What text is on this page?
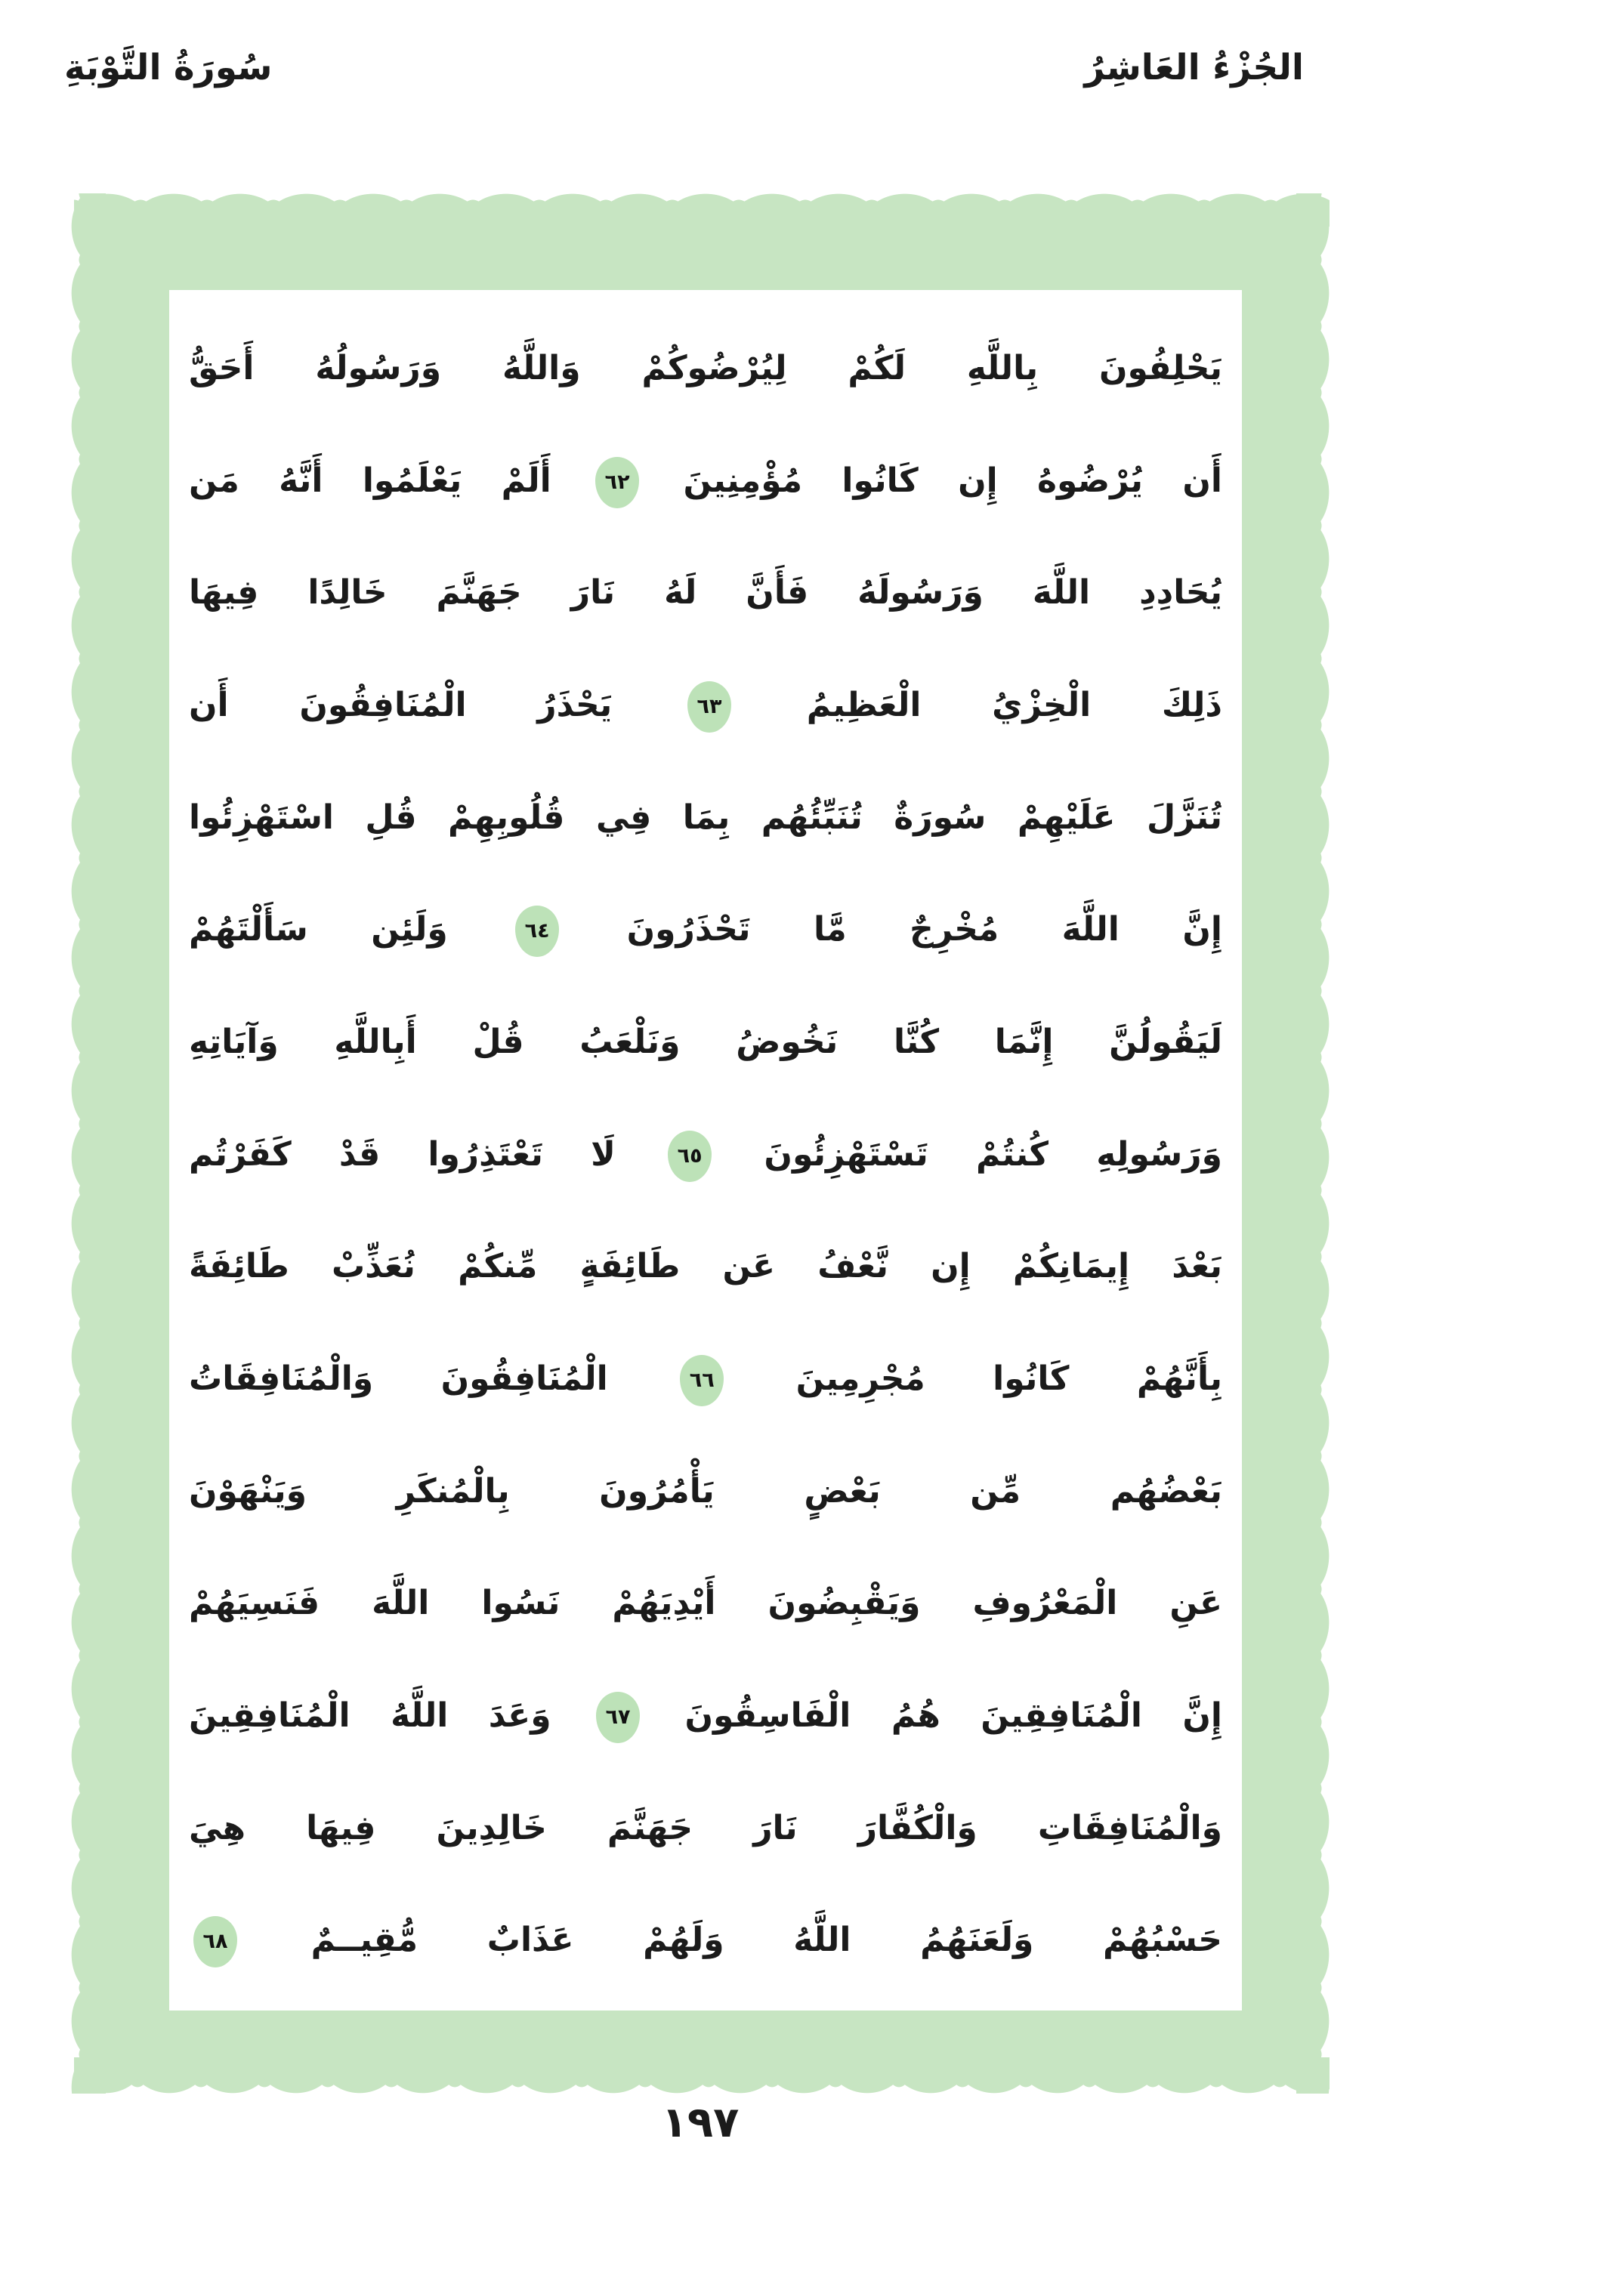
سُورَةُ التَّوْبَةِ	الجُزْءُ العَاشِرُ
يَحْلِفُونَ بِاللَّهِ لَكُمْ لِيُرْضُوكُمْ وَاللَّهُ وَرَسُولُهُ أَحَقُّ
أَن يُرْضُوهُ إِن كَانُوا مُؤْمِنِينَ ٦٢ أَلَمْ يَعْلَمُوا أَنَّهُ مَن
يُحَادِدِ اللَّهَ وَرَسُولَهُ فَأَنَّ لَهُ نَارَ جَهَنَّمَ خَالِدًا فِيهَا
ذَلِكَ الْخِزْيُ الْعَظِيمُ ٦٣ يَحْذَرُ الْمُنَافِقُونَ أَن
تُنَزَّلَ عَلَيْهِمْ سُورَةٌ تُنَبِّئُهُم بِمَا فِي قُلُوبِهِمْ قُلِ اسْتَهْزِئُوا
إِنَّ اللَّهَ مُخْرِجٌ مَّا تَحْذَرُونَ ٦٤ وَلَئِن سَأَلْتَهُمْ
لَيَقُولُنَّ إِنَّمَا كُنَّا نَخُوضُ وَنَلْعَبُ قُلْ أَبِاللَّهِ وَآيَاتِهِ
وَرَسُولِهِ كُنتُمْ تَسْتَهْزِئُونَ ٦٥ لَا تَعْتَذِرُوا قَدْ كَفَرْتُم
بَعْدَ إِيمَانِكُمْ إِن نَّعْفُ عَن طَائِفَةٍ مِّنكُمْ نُعَذِّبْ طَائِفَةً
بِأَنَّهُمْ كَانُوا مُجْرِمِينَ ٦٦ الْمُنَافِقُونَ وَالْمُنَافِقَاتُ
بَعْضُهُم مِّن بَعْضٍ يَأْمُرُونَ بِالْمُنكَرِ وَيَنْهَوْنَ
عَنِ الْمَعْرُوفِ وَيَقْبِضُونَ أَيْدِيَهُمْ نَسُوا اللَّهَ فَنَسِيَهُمْ
إِنَّ الْمُنَافِقِينَ هُمُ الْفَاسِقُونَ ٦٧ وَعَدَ اللَّهُ الْمُنَافِقِينَ
وَالْمُنَافِقَاتِ وَالْكُفَّارَ نَارَ جَهَنَّمَ خَالِدِينَ فِيهَا هِيَ
حَسْبُهُمْ وَلَعَنَهُمُ اللَّهُ وَلَهُمْ عَذَابٌ مُّقِيــمٌ ٦٨
١٩٧
